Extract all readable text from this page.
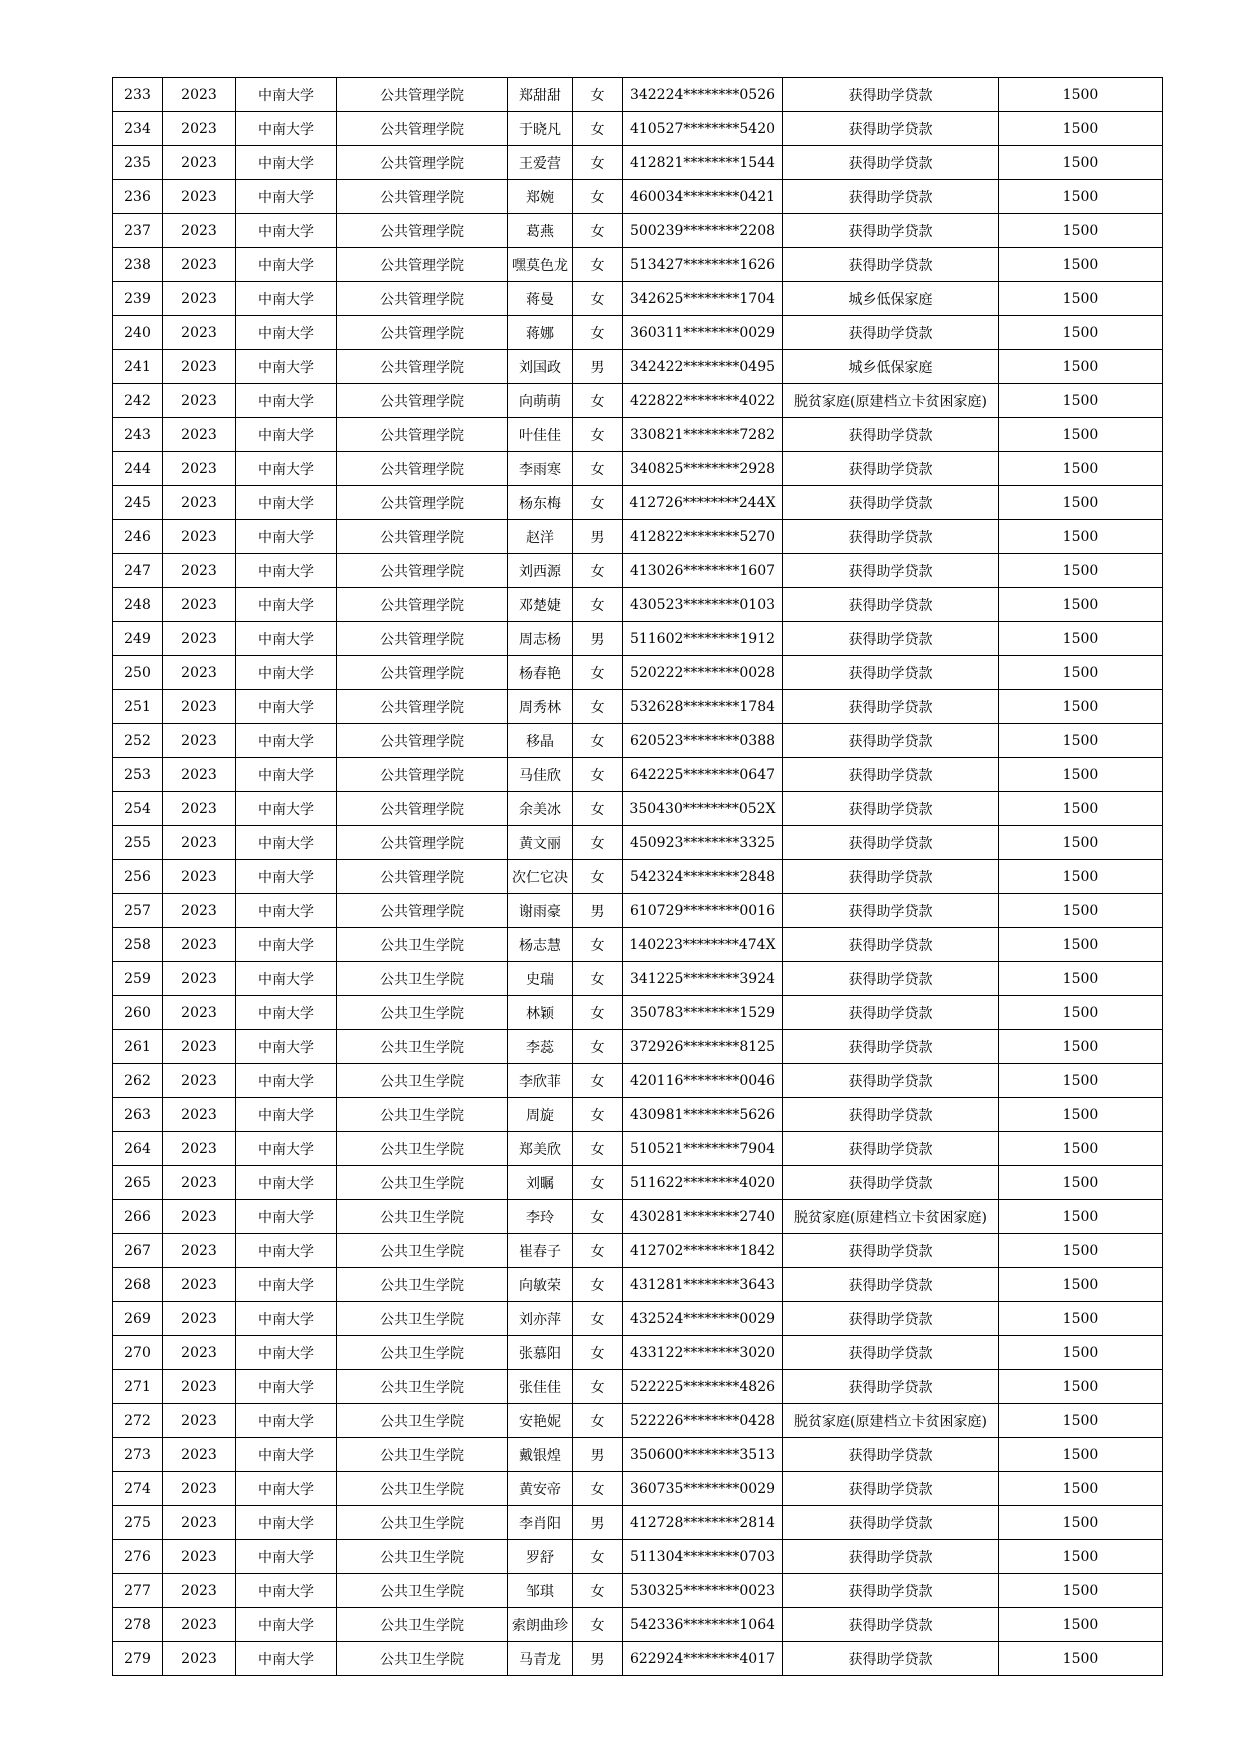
233	2023	中南大学	公共管理学院	郑甜甜	女	342224********0526	获得助学贷款	1500
234	2023	中南大学	公共管理学院	于晓凡	女	410527********5420	获得助学贷款	1500
235	2023	中南大学	公共管理学院	王爱营	女	412821********1544	获得助学贷款	1500
236	2023	中南大学	公共管理学院	郑婉	女	460034********0421	获得助学贷款	1500
237	2023	中南大学	公共管理学院	葛燕	女	500239********2208	获得助学贷款	1500
238	2023	中南大学	公共管理学院	嘿莫色龙	女	513427********1626	获得助学贷款	1500
239	2023	中南大学	公共管理学院	蒋曼	女	342625********1704	城乡低保家庭	1500
240	2023	中南大学	公共管理学院	蒋娜	女	360311********0029	获得助学贷款	1500
241	2023	中南大学	公共管理学院	刘国政	男	342422********0495	城乡低保家庭	1500
242	2023	中南大学	公共管理学院	向萌萌	女	422822********4022	脱贫家庭(原建档立卡贫困家庭)	1500
243	2023	中南大学	公共管理学院	叶佳佳	女	330821********7282	获得助学贷款	1500
244	2023	中南大学	公共管理学院	李雨寒	女	340825********2928	获得助学贷款	1500
245	2023	中南大学	公共管理学院	杨东梅	女	412726********244X	获得助学贷款	1500
246	2023	中南大学	公共管理学院	赵洋	男	412822********5270	获得助学贷款	1500
247	2023	中南大学	公共管理学院	刘西源	女	413026********1607	获得助学贷款	1500
248	2023	中南大学	公共管理学院	邓楚婕	女	430523********0103	获得助学贷款	1500
249	2023	中南大学	公共管理学院	周志杨	男	511602********1912	获得助学贷款	1500
250	2023	中南大学	公共管理学院	杨春艳	女	520222********0028	获得助学贷款	1500
251	2023	中南大学	公共管理学院	周秀林	女	532628********1784	获得助学贷款	1500
252	2023	中南大学	公共管理学院	移晶	女	620523********0388	获得助学贷款	1500
253	2023	中南大学	公共管理学院	马佳欣	女	642225********0647	获得助学贷款	1500
254	2023	中南大学	公共管理学院	余美冰	女	350430********052X	获得助学贷款	1500
255	2023	中南大学	公共管理学院	黄文丽	女	450923********3325	获得助学贷款	1500
256	2023	中南大学	公共管理学院	次仁它决	女	542324********2848	获得助学贷款	1500
257	2023	中南大学	公共管理学院	谢雨豪	男	610729********0016	获得助学贷款	1500
258	2023	中南大学	公共卫生学院	杨志慧	女	140223********474X	获得助学贷款	1500
259	2023	中南大学	公共卫生学院	史瑞	女	341225********3924	获得助学贷款	1500
260	2023	中南大学	公共卫生学院	林颖	女	350783********1529	获得助学贷款	1500
261	2023	中南大学	公共卫生学院	李蕊	女	372926********8125	获得助学贷款	1500
262	2023	中南大学	公共卫生学院	李欣菲	女	420116********0046	获得助学贷款	1500
263	2023	中南大学	公共卫生学院	周旋	女	430981********5626	获得助学贷款	1500
264	2023	中南大学	公共卫生学院	郑美欣	女	510521********7904	获得助学贷款	1500
265	2023	中南大学	公共卫生学院	刘瞩	女	511622********4020	获得助学贷款	1500
266	2023	中南大学	公共卫生学院	李玲	女	430281********2740	脱贫家庭(原建档立卡贫困家庭)	1500
267	2023	中南大学	公共卫生学院	崔春子	女	412702********1842	获得助学贷款	1500
268	2023	中南大学	公共卫生学院	向敏荣	女	431281********3643	获得助学贷款	1500
269	2023	中南大学	公共卫生学院	刘亦萍	女	432524********0029	获得助学贷款	1500
270	2023	中南大学	公共卫生学院	张慕阳	女	433122********3020	获得助学贷款	1500
271	2023	中南大学	公共卫生学院	张佳佳	女	522225********4826	获得助学贷款	1500
272	2023	中南大学	公共卫生学院	安艳妮	女	522226********0428	脱贫家庭(原建档立卡贫困家庭)	1500
273	2023	中南大学	公共卫生学院	戴银煌	男	350600********3513	获得助学贷款	1500
274	2023	中南大学	公共卫生学院	黄安帝	女	360735********0029	获得助学贷款	1500
275	2023	中南大学	公共卫生学院	李肖阳	男	412728********2814	获得助学贷款	1500
276	2023	中南大学	公共卫生学院	罗舒	女	511304********0703	获得助学贷款	1500
277	2023	中南大学	公共卫生学院	邹琪	女	530325********0023	获得助学贷款	1500
278	2023	中南大学	公共卫生学院	索朗曲珍	女	542336********1064	获得助学贷款	1500
279	2023	中南大学	公共卫生学院	马青龙	男	622924********4017	获得助学贷款	1500
